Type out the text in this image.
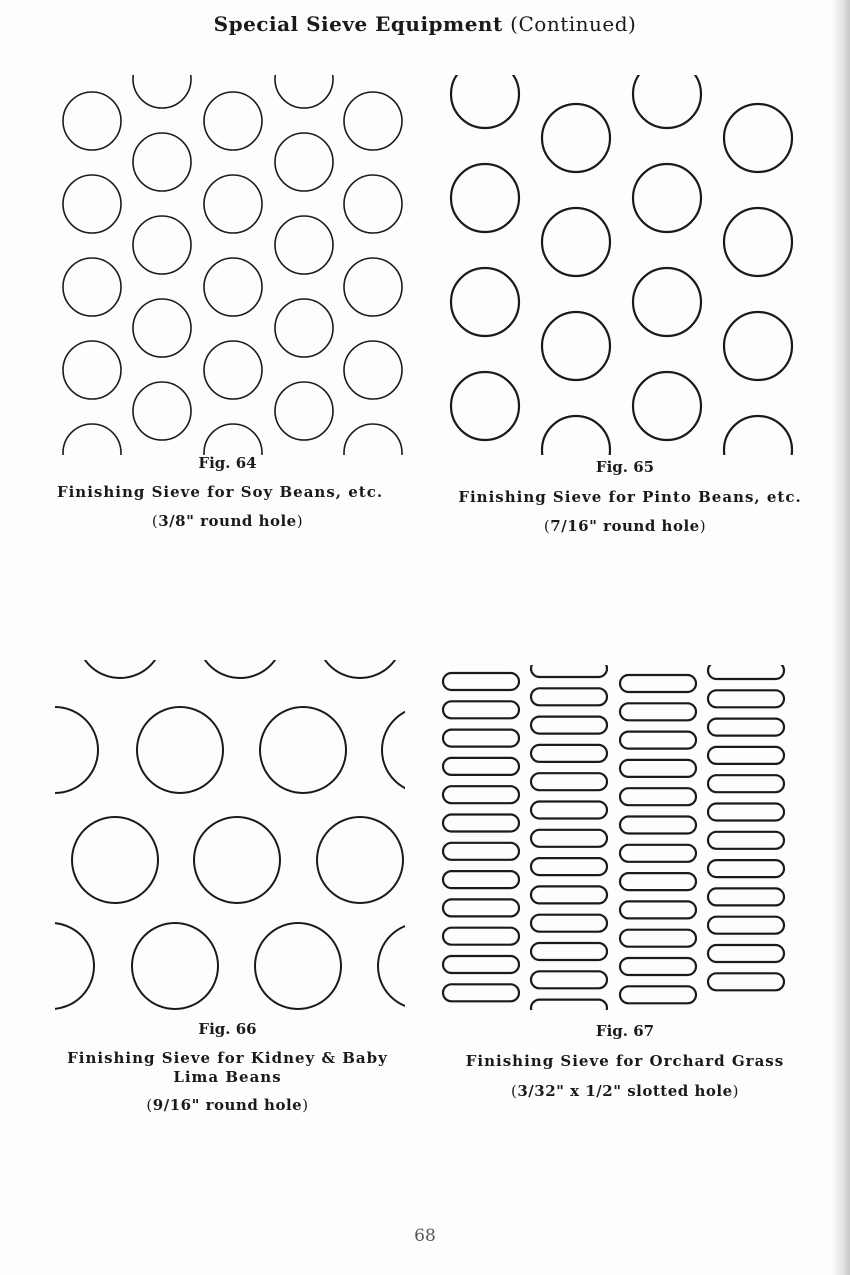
Special Sieve Equipment (Continued)
Fig. 64
Finishing Sieve for Soy Beans, etc.
(3/8" round hole)
Fig. 65
Finishing Sieve for Pinto Beans, etc.
(7/16" round hole)
Fig. 66
Finishing Sieve for Kidney & Baby Lima Beans
(9/16" round hole)
Fig. 67
Finishing Sieve for Orchard Grass
(3/32" x 1/2" slotted hole)
68
